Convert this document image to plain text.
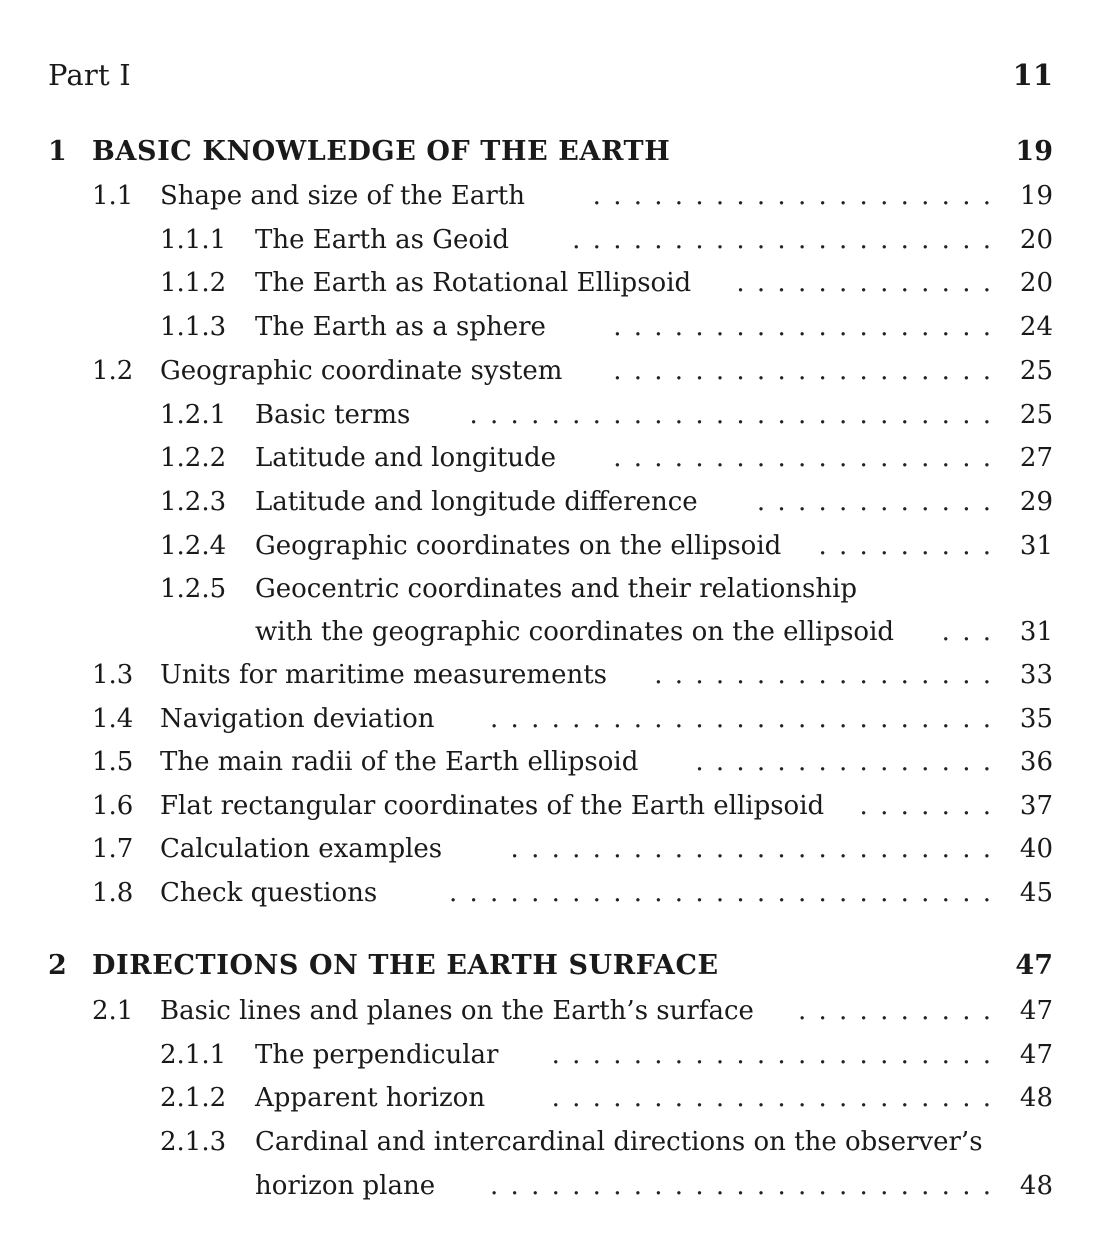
Part I	11
1 BASIC KNOWLEDGE OF THE EARTH	19
1.1 Shape and size of the Earth	19
. . . . . . . . . . . . . . . . . . . .
1.1.1 The Earth as Geoid	20
. . . . . . . . . . . . . . . . . . . . .
1.1.2 The Earth as Rotational Ellipsoid	20
. . . . . . . . . . . . .
1.1.3 The Earth as a sphere	24
. . . . . . . . . . . . . . . . . . .
1.2 Geographic coordinate system	25
. . . . . . . . . . . . . . . . . . .
1.2.1 Basic terms	25
. . . . . . . . . . . . . . . . . . . . . . . . . .
1.2.2 Latitude and longitude	27
. . . . . . . . . . . . . . . . . . .
1.2.3 Latitude and longitude difference	29
. . . . . . . . . . . .
1.2.4 Geographic coordinates on the ellipsoid	31
. . . . . . . . .
1.2.5 Geocentric coordinates and their relationship
with the geographic coordinates on the ellipsoid	31
. . .
1.3 Units for maritime measurements	33
. . . . . . . . . . . . . . . . .
1.4 Navigation deviation	35
. . . . . . . . . . . . . . . . . . . . . . . . .
1.5 The main radii of the Earth ellipsoid	36
. . . . . . . . . . . . . . .
1.6 Flat rectangular coordinates of the Earth ellipsoid	37
. . . . . . .
1.7 Calculation examples	40
. . . . . . . . . . . . . . . . . . . . . . . .
1.8 Check questions	45
. . . . . . . . . . . . . . . . . . . . . . . . . . .
2 DIRECTIONS ON THE EARTH SURFACE	47
2.1 Basic lines and planes on the Earth’s surface	47
. . . . . . . . . .
2.1.1 The perpendicular	47
. . . . . . . . . . . . . . . . . . . . . .
2.1.2 Apparent horizon	48
. . . . . . . . . . . . . . . . . . . . . .
2.1.3 Cardinal and intercardinal directions on the observer’s
horizon plane	48
. . . . . . . . . . . . . . . . . . . . . . . . .
